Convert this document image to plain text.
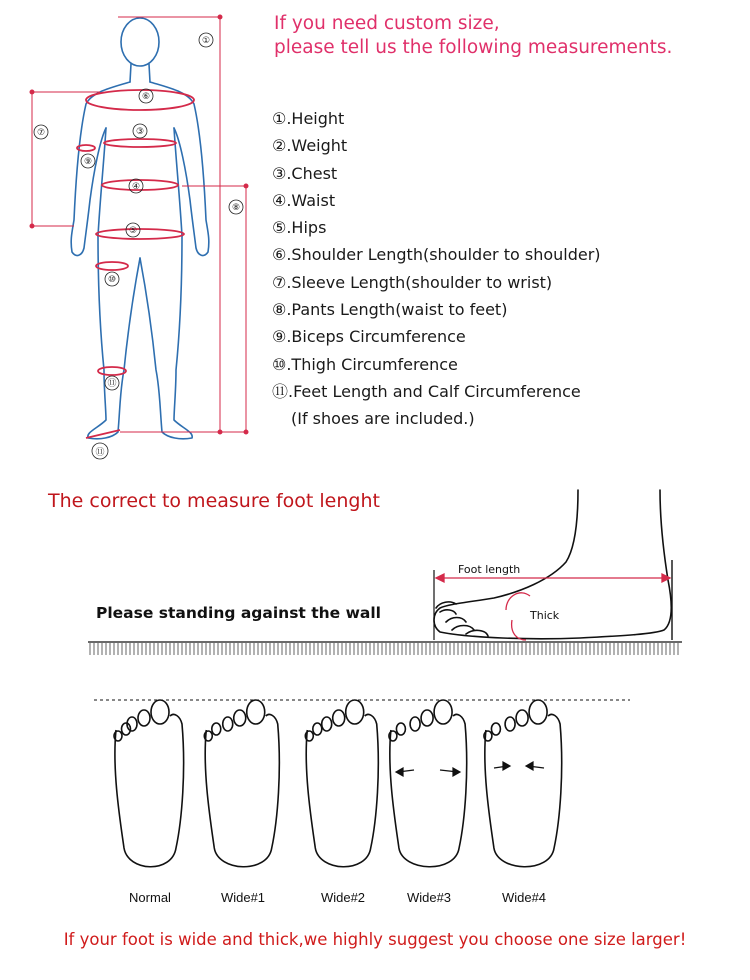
If you need custom size,
please tell us the following measurements.
①.Height
②.Weight
③.Chest
④.Waist
⑤.Hips
⑥.Shoulder Length(shoulder to shoulder)
⑦.Sleeve Length(shoulder to wrist)
⑧.Pants Length(waist to feet)
⑨.Biceps Circumference
⑩.Thigh Circumference
⑪.Feet Length and Calf Circumference
(If shoes are included.)
①
⑥
③
⑦
⑨
④
⑧
⑤
⑩
⑪
⑪
The correct to measure foot lenght
Please standing against the wall
Foot length
Thick
Normal	Wide#1	Wide#2	Wide#3	Wide#4
If your foot is wide and thick,we highly suggest you choose one size larger!
